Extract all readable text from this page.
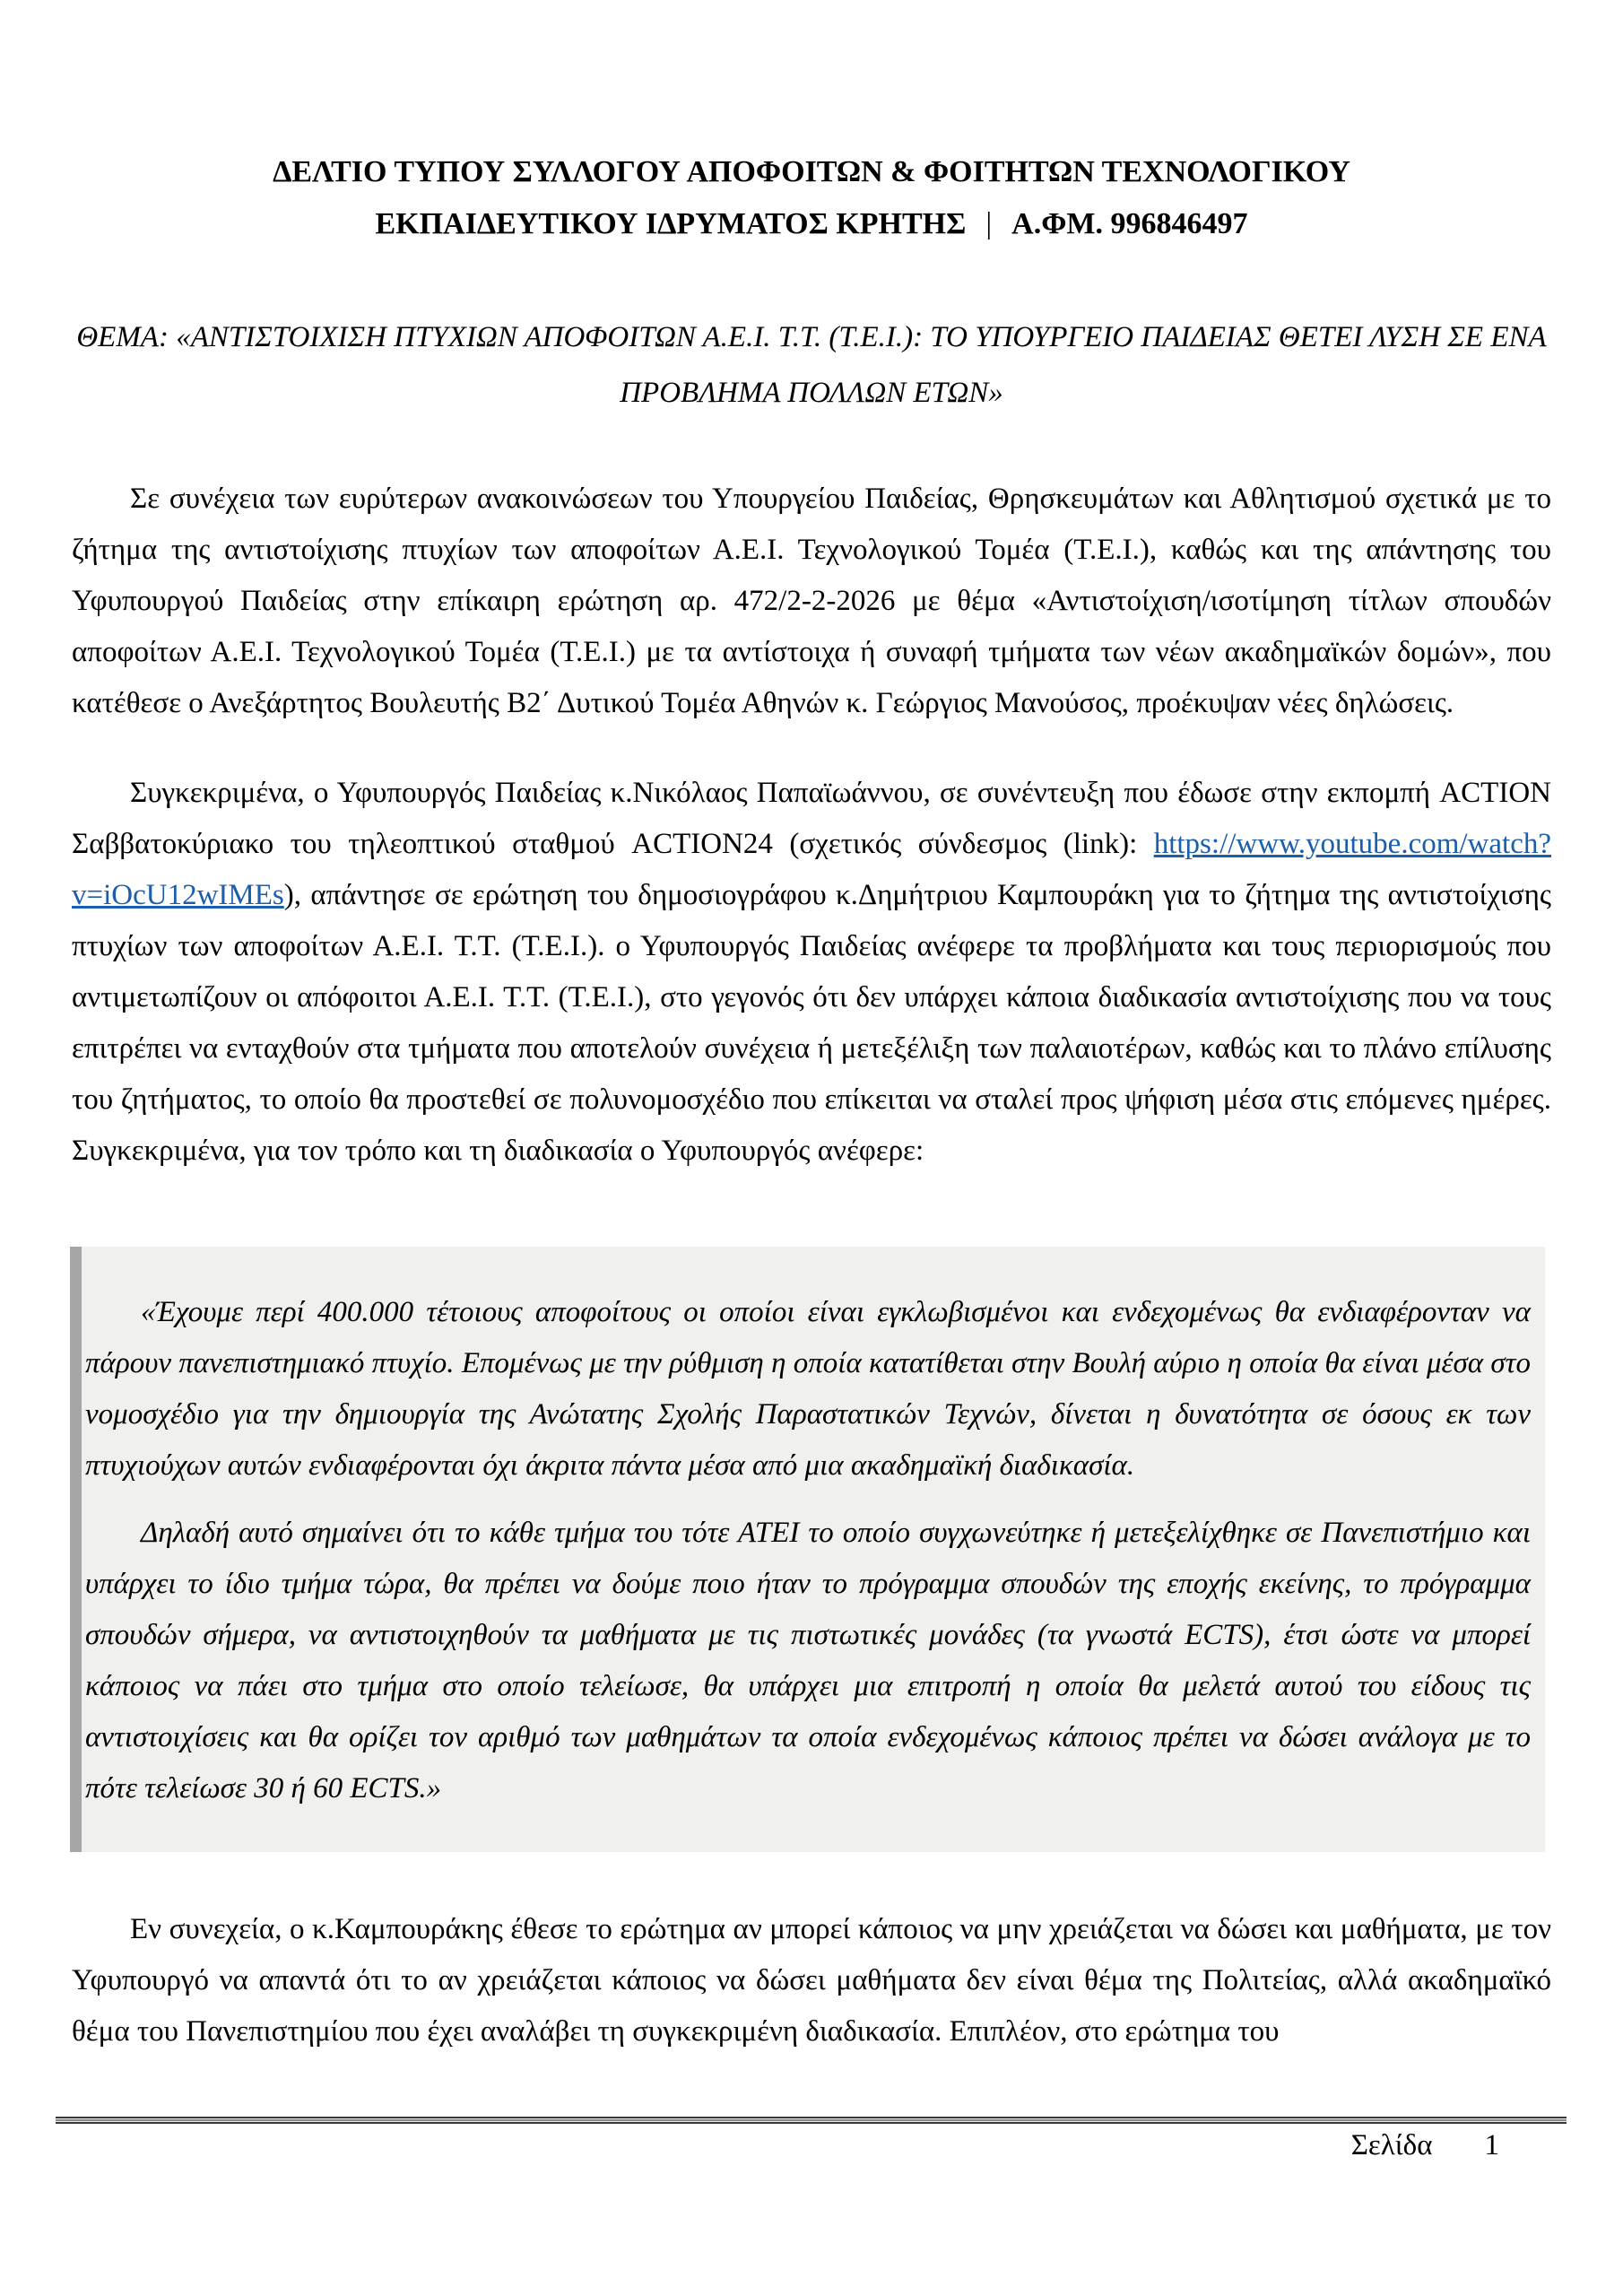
ΔΕΛΤΙΟ ΤΥΠΟΥ ΣΥΛΛΟΓΟΥ ΑΠΟΦΟΙΤΩΝ & ΦΟΙΤΗΤΩΝ ΤΕΧΝΟΛΟΓΙΚΟΥ
ΕΚΠΑΙΔΕΥΤΙΚΟΥ ΙΔΡΥΜΑΤΟΣ ΚΡΗΤΗΣ | Α.ΦΜ. 996846497
ΘΕΜΑ: «ΑΝΤΙΣΤΟΙΧΙΣΗ ΠΤΥΧΙΩΝ ΑΠΟΦΟΙΤΩΝ Α.Ε.Ι. Τ.Τ. (Τ.Ε.Ι.): ΤΟ ΥΠΟΥΡΓΕΙΟ ΠΑΙΔΕΙΑΣ ΘΕΤΕΙ ΛΥΣΗ ΣΕ ΕΝΑ ΠΡΟΒΛΗΜΑ ΠΟΛΛΩΝ ΕΤΩΝ»

Σε συνέχεια των ευρύτερων ανακοινώσεων του Υπουργείου Παιδείας, Θρησκευμάτων και Αθλητισμού σχετικά με το ζήτημα της αντιστοίχισης πτυχίων των αποφοίτων Α.Ε.Ι. Τεχνολογικού Τομέα (Τ.Ε.Ι.), καθώς και της απάντησης του Υφυπουργού Παιδείας στην επίκαιρη ερώτηση αρ. 472/2-2-2026 με θέμα «Αντιστοίχιση/ισοτίμηση τίτλων σπουδών αποφοίτων Α.Ε.Ι. Τεχνολογικού Τομέα (Τ.Ε.Ι.) με τα αντίστοιχα ή συναφή τμήματα των νέων ακαδημαϊκών δομών», που κατέθεσε ο Ανεξάρτητος Βουλευτής Β2΄ Δυτικού Τομέα Αθηνών κ. Γεώργιος Μανούσος, προέκυψαν νέες δηλώσεις.

Συγκεκριμένα, ο Υφυπουργός Παιδείας κ.Νικόλαος Παπαϊωάννου, σε συνέντευξη που έδωσε στην εκπομπή ACTION Σαββατοκύριακο του τηλεοπτικού σταθμού ACTION24 (σχετικός σύνδεσμος (link): https://www.youtube.com/watch?v=iOcU12wIMEs), απάντησε σε ερώτηση του δημοσιογράφου κ.Δημήτριου Καμπουράκη για το ζήτημα της αντιστοίχισης πτυχίων των αποφοίτων Α.Ε.Ι. Τ.Τ. (Τ.Ε.Ι.). ο Υφυπουργός Παιδείας ανέφερε τα προβλήματα και τους περιορισμούς που αντιμετωπίζουν οι απόφοιτοι Α.Ε.Ι. Τ.Τ. (Τ.Ε.Ι.), στο γεγονός ότι δεν υπάρχει κάποια διαδικασία αντιστοίχισης που να τους επιτρέπει να ενταχθούν στα τμήματα που αποτελούν συνέχεια ή μετεξέλιξη των παλαιοτέρων, καθώς και το πλάνο επίλυσης του ζητήματος, το οποίο θα προστεθεί σε πολυνομοσχέδιο που επίκειται να σταλεί προς ψήφιση μέσα στις επόμενες ημέρες. Συγκεκριμένα, για τον τρόπο και τη διαδικασία ο Υφυπουργός ανέφερε:

«Έχουμε περί 400.000 τέτοιους αποφοίτους οι οποίοι είναι εγκλωβισμένοι και ενδεχομένως θα ενδιαφέρονταν να πάρουν πανεπιστημιακό πτυχίο. Επομένως με την ρύθμιση η οποία κατατίθεται στην Βουλή αύριο η οποία θα είναι μέσα στο νομοσχέδιο για την δημιουργία της Ανώτατης Σχολής Παραστατικών Τεχνών, δίνεται η δυνατότητα σε όσους εκ των πτυχιούχων αυτών ενδιαφέρονται όχι άκριτα πάντα μέσα από μια ακαδημαϊκή διαδικασία.

Δηλαδή αυτό σημαίνει ότι το κάθε τμήμα του τότε ΑΤΕΙ το οποίο συγχωνεύτηκε ή μετεξελίχθηκε σε Πανεπιστήμιο και υπάρχει το ίδιο τμήμα τώρα, θα πρέπει να δούμε ποιο ήταν το πρόγραμμα σπουδών της εποχής εκείνης, το πρόγραμμα σπουδών σήμερα, να αντιστοιχηθούν τα μαθήματα με τις πιστωτικές μονάδες (τα γνωστά ECTS), έτσι ώστε να μπορεί κάποιος να πάει στο τμήμα στο οποίο τελείωσε, θα υπάρχει μια επιτροπή η οποία θα μελετά αυτού του είδους τις αντιστοιχίσεις και θα ορίζει τον αριθμό των μαθημάτων τα οποία ενδεχομένως κάποιος πρέπει να δώσει ανάλογα με το πότε τελείωσε 30 ή 60 ECTS.»

Εν συνεχεία, ο κ.Καμπουράκης έθεσε το ερώτημα αν μπορεί κάποιος να μην χρειάζεται να δώσει και μαθήματα, με τον Υφυπουργό να απαντά ότι το αν χρειάζεται κάποιος να δώσει μαθήματα δεν είναι θέμα της Πολιτείας, αλλά ακαδημαϊκό θέμα του Πανεπιστημίου που έχει αναλάβει τη συγκεκριμένη διαδικασία. Επιπλέον, στο ερώτημα του

Σελίδα 1
